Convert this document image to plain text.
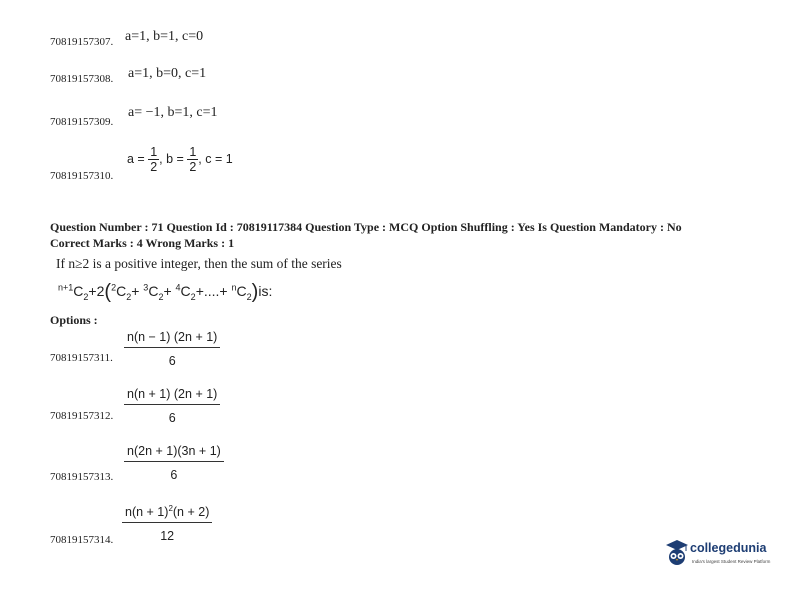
70819157307. a=1, b=1, c=0
70819157308. a=1, b=0, c=1
70819157309.
a= −1, b=1, c=1
70819157310.
$a = \frac{1}{2}$ , $b = \frac{1}{2}$ , c = 1
Question Number : 71 Question Id : 70819117384 Question Type : MCQ Option Shuffling : Yes Is Question Mandatory : No
Correct Marks : 4 Wrong Marks : 1
If n≥2 is a positive integer, then the sum of the series
$^{n+1}C_2+2(^2C_2+ ^3C_2+ ^4C_2+....+ ^nC_2)is$:
Options :
70819157311. $\frac{n(n - 1) (2n + 1)}{6}$
70819157312. $\frac{n(n + 1) (2n + 1)}{6}$
70819157313. $\frac{n(2n + 1)(3n + 1)}{6}$
70819157314. $\frac{n(n + 1)^2(n + 2)}{12}$
collegedunia
India's largest Student Review Platform
